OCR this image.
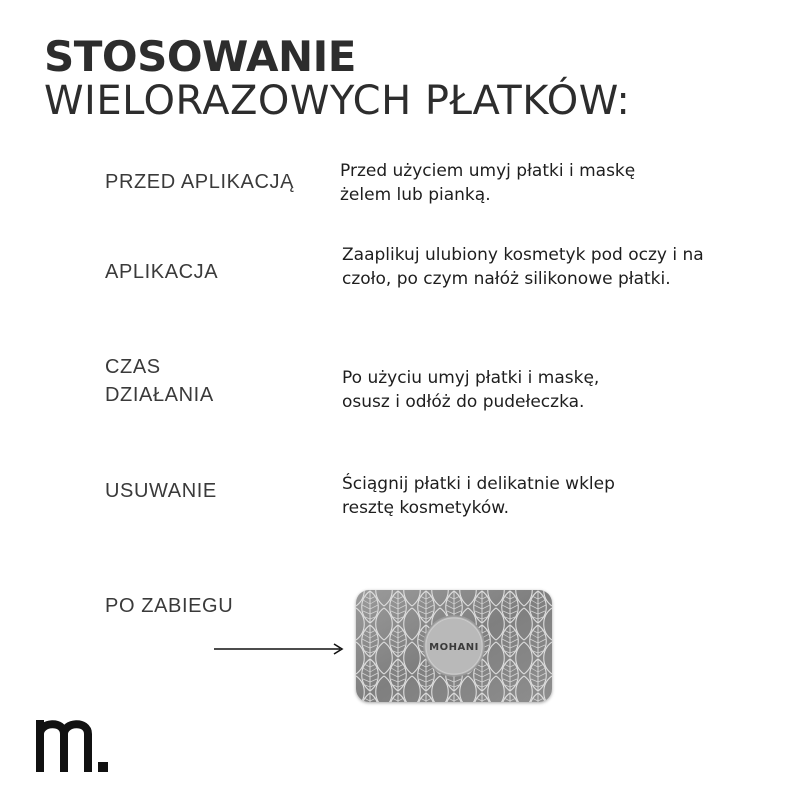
STOSOWANIE
WIELORAZOWYCH PŁATKÓW:
PRZED APLIKACJĄ	Przed użyciem umyj płatki i maskę żelem lub pianką.
APLIKACJA
Zaaplikuj ulubiony kosmetyk pod oczy i na czoło, po czym nałóż silikonowe płatki.
CZAS DZIAŁANIA
Po użyciu umyj płatki i maskę, osusz i odłóż do pudełeczka.
USUWANIE	Ściągnij płatki i delikatnie wklep resztę kosmetyków.
PO ZABIEGU
MOHANI
